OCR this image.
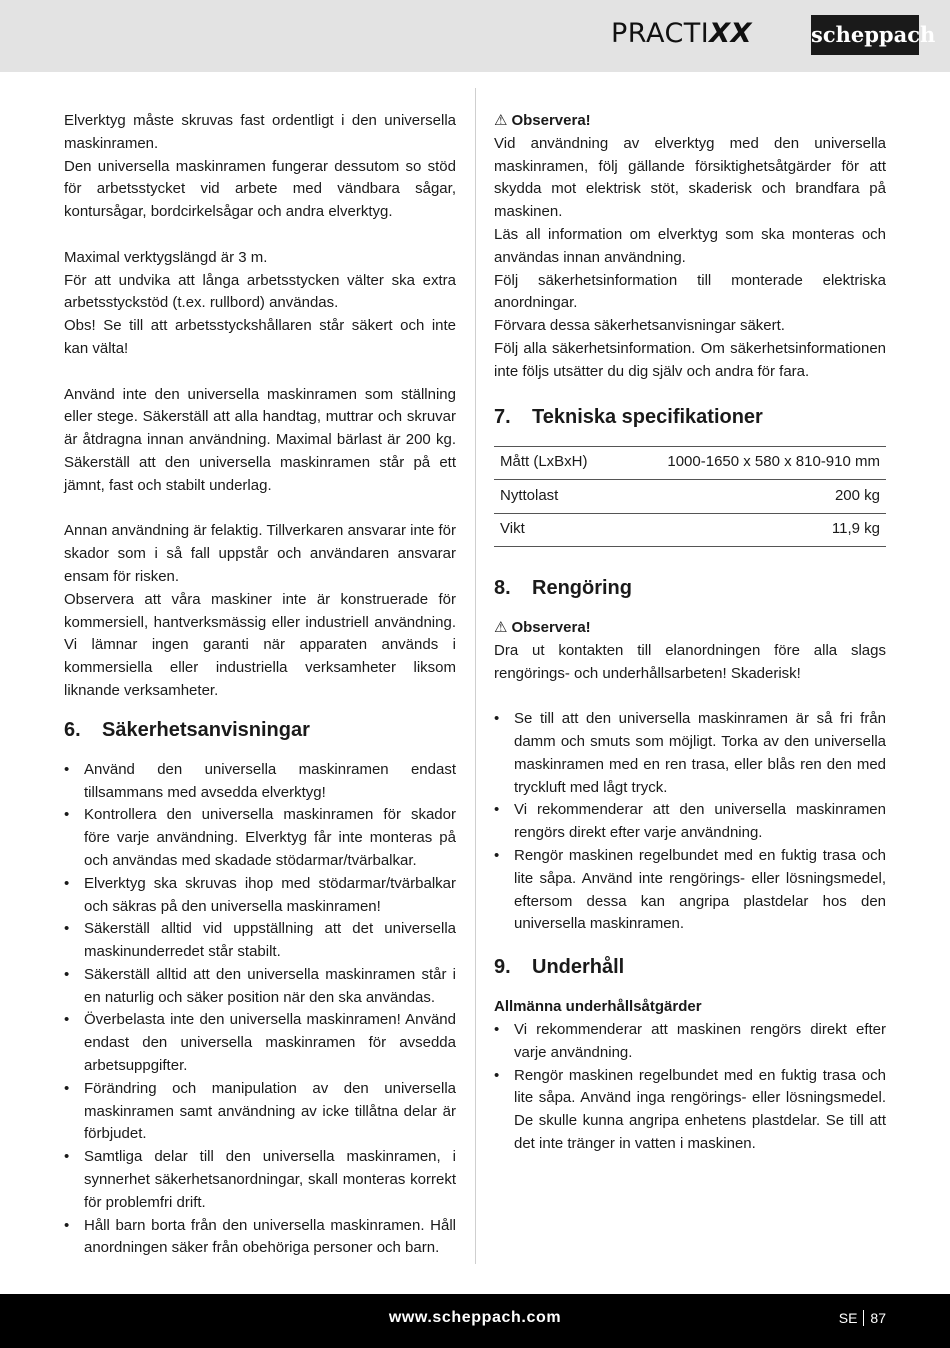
PRACTIXX	scheppach

Elverktyg måste skruvas fast ordentligt i den universella maskinramen.

Den universella maskinramen fungerar dessutom so stöd för arbetsstycket vid arbete med vändbara sågar, kontursågar, bordcirkelsågar och andra elverktyg.

Maximal verktygslängd är 3 m.

För att undvika att långa arbetsstycken välter ska extra arbetsstyckstöd (t.ex. rullbord) användas.

Obs! Se till att arbetsstyckshållaren står säkert och inte kan välta!

Använd inte den universella maskinramen som ställning eller stege. Säkerställ att alla handtag, muttrar och skruvar är åtdragna innan användning. Maximal bärlast är 200 kg. Säkerställ att den universella maskinramen står på ett jämnt, fast och stabilt underlag.

Annan användning är felaktig. Tillverkaren ansvarar inte för skador som i så fall uppstår och användaren ansvarar ensam för risken.

Observera att våra maskiner inte är konstruerade för kommersiell, hantverksmässig eller industriell användning. Vi lämnar ingen garanti när apparaten används i kommersiella eller industriella verksamheter liksom liknande verksamheter.

6. Säkerhetsanvisningar
• Använd den universella maskinramen endast tillsammans med avsedda elverktyg!
• Kontrollera den universella maskinramen för skador före varje användning. Elverktyg får inte monteras på och användas med skadade stödarmar/tvärbalkar.
• Elverktyg ska skruvas ihop med stödarmar/tvärbalkar och säkras på den universella maskinramen!
• Säkerställ alltid vid uppställning att det universella maskinunderredet står stabilt.
• Säkerställ alltid att den universella maskinramen står i en naturlig och säker position när den ska användas.
• Överbelasta inte den universella maskinramen! Använd endast den universella maskinramen för avsedda arbetsuppgifter.
• Förändring och manipulation av den universella maskinramen samt användning av icke tillåtna delar är förbjudet.
• Samtliga delar till den universella maskinramen, i synnerhet säkerhetsanordningar, skall monteras korrekt för problemfri drift.
• Håll barn borta från den universella maskinramen. Håll anordningen säker från obehöriga personer och barn.

⚠ Observera!

Vid användning av elverktyg med den universella maskinramen, följ gällande försiktighetsåtgärder för att skydda mot elektrisk stöt, skaderisk och brandfara på maskinen.

Läs all information om elverktyg som ska monteras och användas innan användning.

Följ säkerhetsinformation till monterade elektriska anordningar.

Förvara dessa säkerhetsanvisningar säkert.

Följ alla säkerhetsinformation. Om säkerhetsinformationen inte följs utsätter du dig själv och andra för fara.

7. Tekniska specifikationer
Mått (LxBxH)	1000-1650 x 580 x 810-910 mm
Nyttolast	200 kg
Vikt	11,9 kg
8. Rengöring

⚠ Observera!

Dra ut kontakten till elanordningen före alla slags rengörings- och underhållsarbeten! Skaderisk!

• Se till att den universella maskinramen är så fri från damm och smuts som möjligt. Torka av den universella maskinramen med en ren trasa, eller blås ren den med tryckluft med lågt tryck.
• Vi rekommenderar att den universella maskinramen rengörs direkt efter varje användning.
• Rengör maskinen regelbundet med en fuktig trasa och lite såpa. Använd inte rengörings- eller lösningsmedel, eftersom dessa kan angripa plastdelar hos den universella maskinramen.
9. Underhåll

Allmänna underhållsåtgärder

• Vi rekommenderar att maskinen rengörs direkt efter varje användning.
• Rengör maskinen regelbundet med en fuktig trasa och lite såpa. Använd inga rengörings- eller lösningsmedel. De skulle kunna angripa enhetens plastdelar. Se till att det inte tränger in vatten i maskinen.
www.scheppach.com	SE 87
